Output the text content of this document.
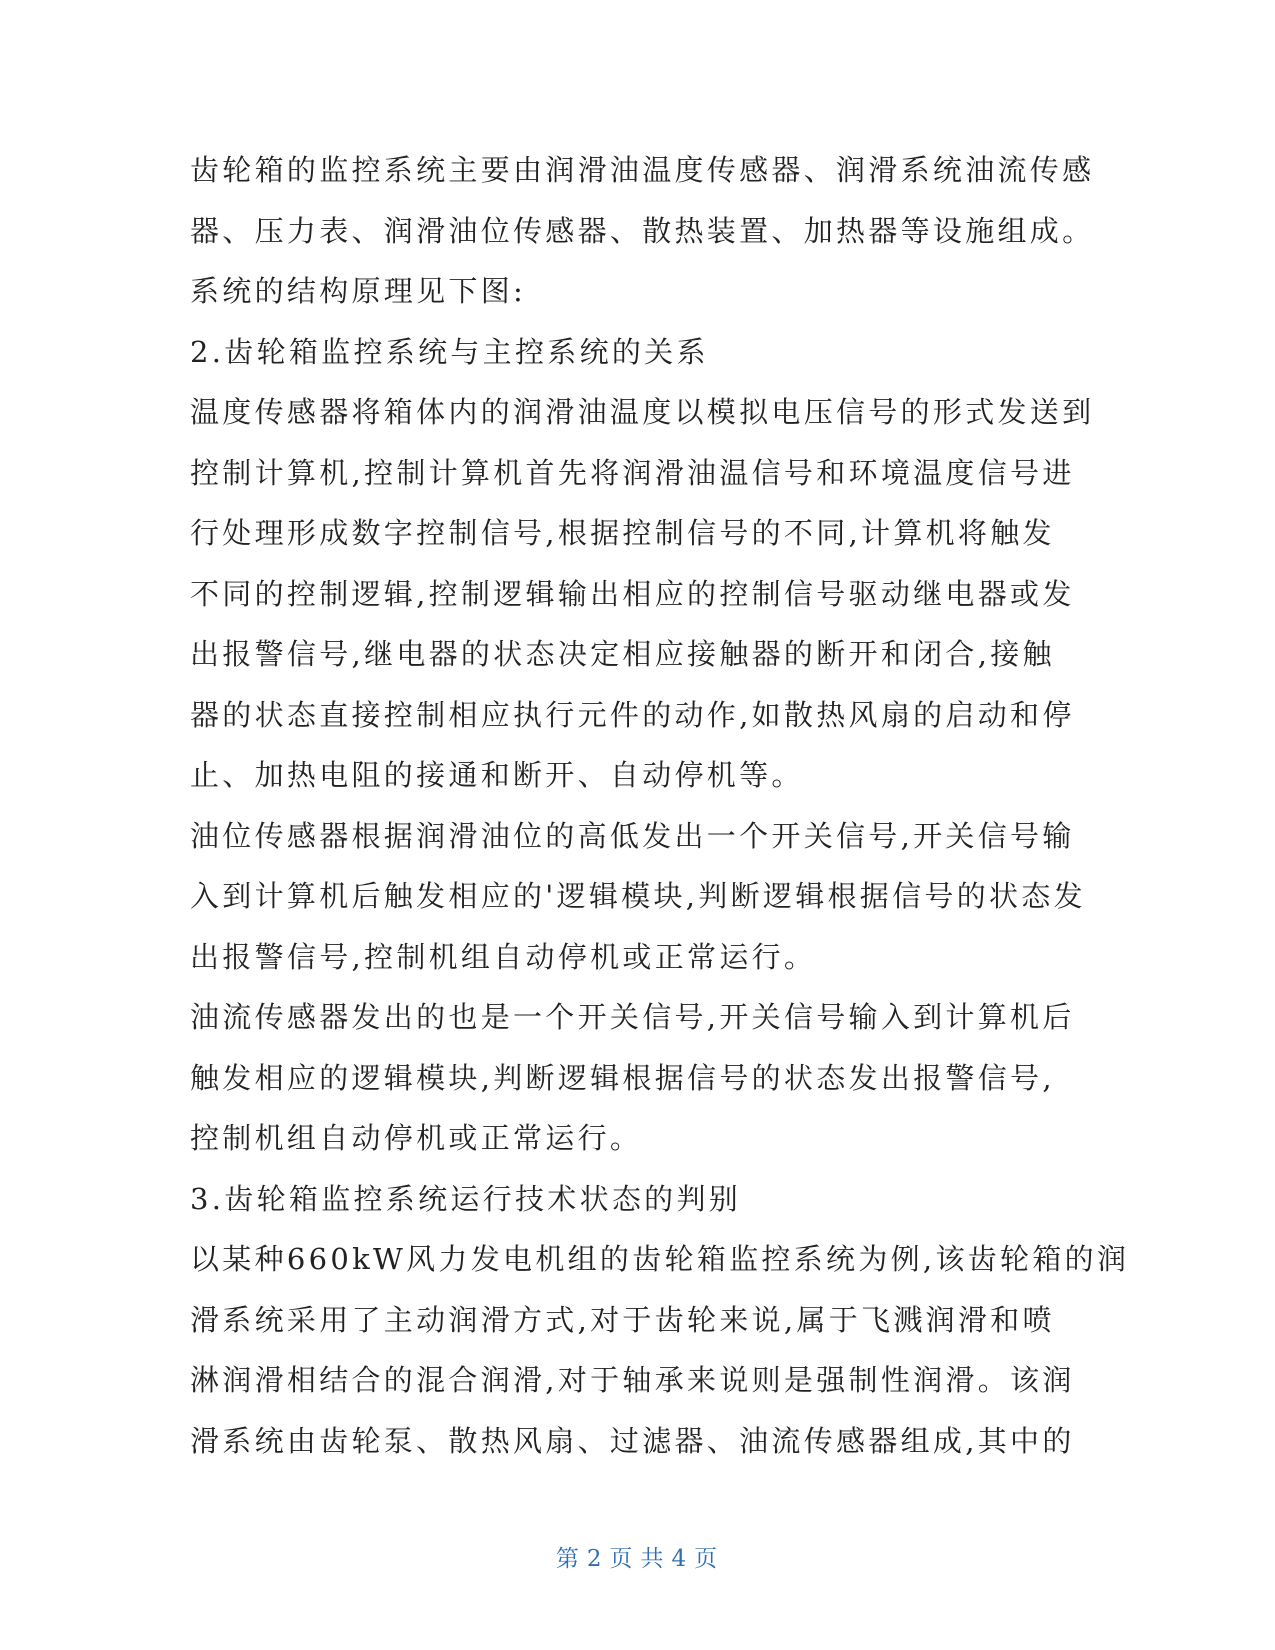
齿轮箱的监控系统主要由润滑油温度传感器、润滑系统油流传感
器、压力表、润滑油位传感器、散热装置、加热器等设施组成。
系统的结构原理见下图:
2.齿轮箱监控系统与主控系统的关系
温度传感器将箱体内的润滑油温度以模拟电压信号的形式发送到
控制计算机,控制计算机首先将润滑油温信号和环境温度信号进
行处理形成数字控制信号,根据控制信号的不同,计算机将触发
不同的控制逻辑,控制逻辑输出相应的控制信号驱动继电器或发
出报警信号,继电器的状态决定相应接触器的断开和闭合,接触
器的状态直接控制相应执行元件的动作,如散热风扇的启动和停
止、加热电阻的接通和断开、自动停机等。
油位传感器根据润滑油位的高低发出一个开关信号,开关信号输
入到计算机后触发相应的'逻辑模块,判断逻辑根据信号的状态发
出报警信号,控制机组自动停机或正常运行。
油流传感器发出的也是一个开关信号,开关信号输入到计算机后
触发相应的逻辑模块,判断逻辑根据信号的状态发出报警信号,
控制机组自动停机或正常运行。
3.齿轮箱监控系统运行技术状态的判别
以某种660kW风力发电机组的齿轮箱监控系统为例,该齿轮箱的润
滑系统采用了主动润滑方式,对于齿轮来说,属于飞溅润滑和喷
淋润滑相结合的混合润滑,对于轴承来说则是强制性润滑。该润
滑系统由齿轮泵、散热风扇、过滤器、油流传感器组成,其中的
第 2 页 共 4 页
